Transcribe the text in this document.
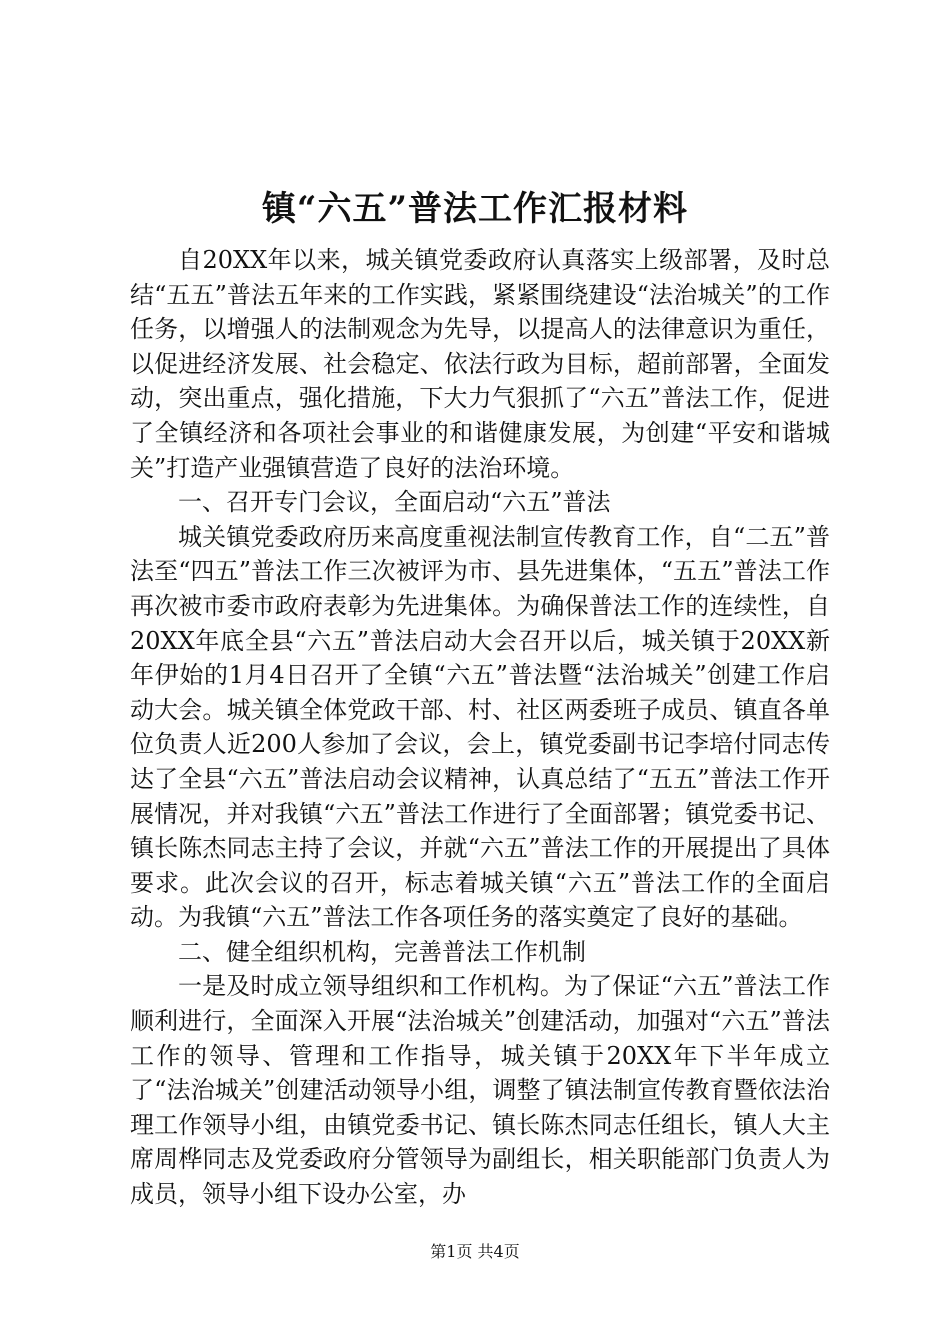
镇“六五”普法工作汇报材料

自20XX年以来，城关镇党委政府认真落实上级部署，及时总结“五五”普法五年来的工作实践，紧紧围绕建设“法治城关”的工作任务，以增强人的法制观念为先导，以提高人的法律意识为重任，以促进经济发展、社会稳定、依法行政为目标，超前部署，全面发动，突出重点，强化措施，下大力气狠抓了“六五”普法工作，促进了全镇经济和各项社会事业的和谐健康发展，为创建“平安和谐城关”打造产业强镇营造了良好的法治环境。

一、召开专门会议，全面启动“六五”普法

城关镇党委政府历来高度重视法制宣传教育工作，自“二五”普法至“四五”普法工作三次被评为市、县先进集体，“五五”普法工作再次被市委市政府表彰为先进集体。为确保普法工作的连续性，自20XX年底全县“六五”普法启动大会召开以后，城关镇于20XX新年伊始的1月4日召开了全镇“六五”普法暨“法治城关”创建工作启动大会。城关镇全体党政干部、村、社区两委班子成员、镇直各单位负责人近200人参加了会议，会上，镇党委副书记李培付同志传达了全县“六五”普法启动会议精神，认真总结了“五五”普法工作开展情况，并对我镇“六五”普法工作进行了全面部署；镇党委书记、镇长陈杰同志主持了会议，并就“六五”普法工作的开展提出了具体要求。此次会议的召开，标志着城关镇“六五”普法工作的全面启动。为我镇“六五”普法工作各项任务的落实奠定了良好的基础。

二、健全组织机构，完善普法工作机制

一是及时成立领导组织和工作机构。为了保证“六五”普法工作顺利进行，全面深入开展“法治城关”创建活动，加强对“六五”普法工作的领导、管理和工作指导，城关镇于20XX年下半年成立了“法治城关”创建活动领导小组，调整了镇法制宣传教育暨依法治理工作领导小组，由镇党委书记、镇长陈杰同志任组长，镇人大主席周桦同志及党委政府分管领导为副组长，相关职能部门负责人为成员，领导小组下设办公室，办

第1页 共4页
